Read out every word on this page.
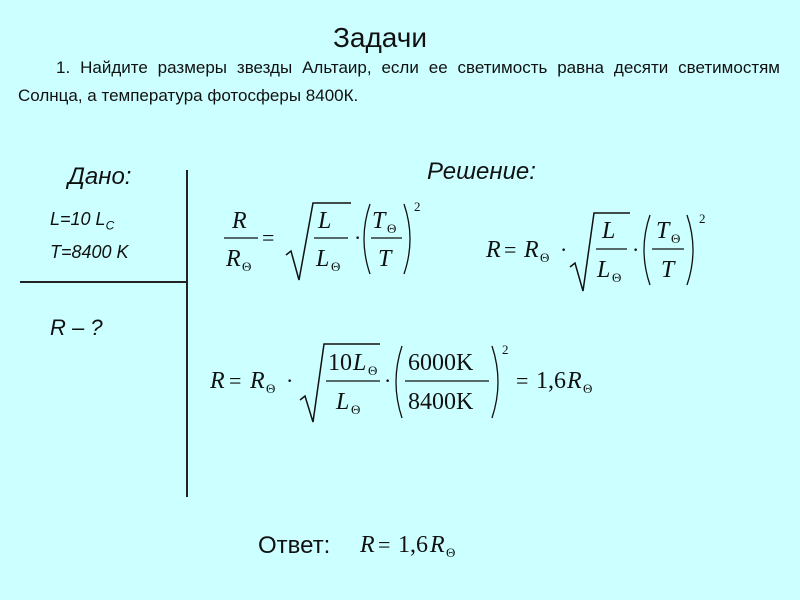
Задачи
1. Найдите размеры звезды Альтаир, если ее светимость равна десяти светимостям Солнца, а температура фотосферы 8400К.
Дано:
L=10 $L_C$
T=8400 K
R – ?
Решение:
R
R Θ
=
L
L Θ
·
T Θ
T
2
R = R Θ ·
L
L Θ
·
T Θ
T
2
R = R Θ ·
10 L Θ
L Θ
·
6000K
8400K
2
= 1,6 R Θ
Ответ: R = 1,6 R Θ
